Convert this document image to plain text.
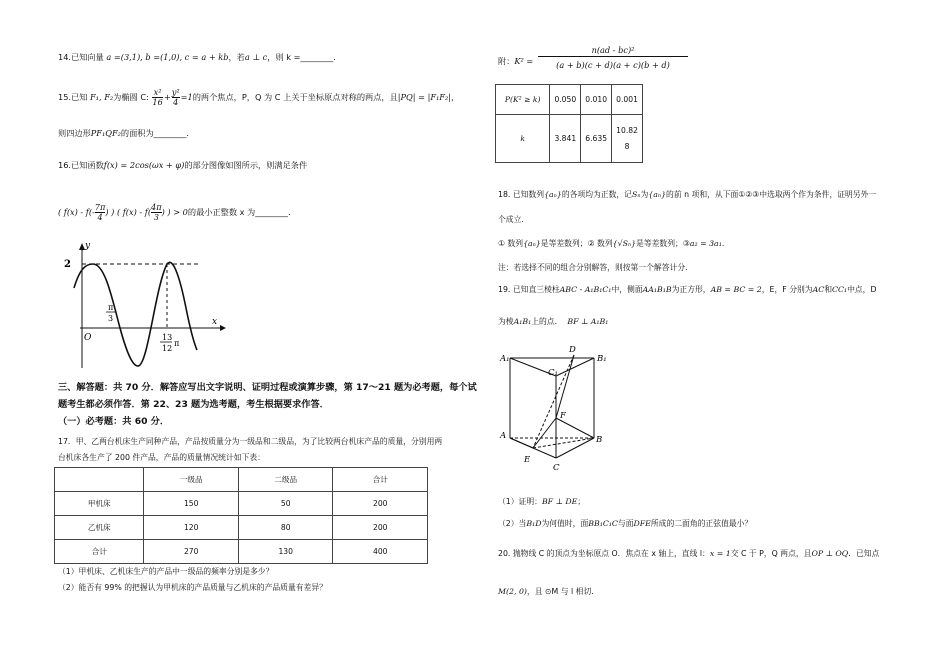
14.已知向量 a =(3,1), b =(1,0), c = a + kb，若a ⊥ c，则 k =________.
15.已知 F₁, F₂为椭圆 C: $\frac{\text{x²}}{16} + \frac{\text{y²}}{4} =1$的两个焦点，P，Q 为 C 上关于坐标原点对称的两点，且|PQ| = |F₁F₂|，
则四边形PF₁QF₂的面积为________.
16.已知函数f(x) = 2cos(ωx + φ)的部分图像如图所示，则满足条件
( $f(x) - f(- \frac{7\pi}{4}$ ) ) ( $f(x) - f( \frac{4\pi}{3}$ ) ) > 0的最小正整数 x 为________.
2
y
x
O
π
3
13
12
π
三、解答题：共 70 分．解答应写出文字说明、证明过程或演算步骤，第 17～21 题为必考题，每个试
题考生都必须作答．第 22、23 题为选考题，考生根据要求作答．
（一）必考题：共 60 分．
17．甲、乙两台机床生产同种产品，产品按质量分为一级品和二级品，为了比较两台机床产品的质量，分别用两
台机床各生产了 200 件产品，产品的质量情况统计如下表：
	一级品	二级品	合计
甲机床	150	50	200
乙机床	120	80	200
合计	270	130	400
（1）甲机床、乙机床生产的产品中一级品的频率分别是多少？
（2）能否有 99% 的把握认为甲机床的产品质量与乙机床的产品质量有差异？
附：K² =
n(ad - bc)²
(a + b)(c + d)(a + c)(b + d)
P(K² ≥ k)	0.050	0.010	0.001
k	3.841	6.635	10.82
8
18. 已知数列{aₙ}的各项均为正数，记Sₙ为{aₙ}的前 n 项和，从下面①②③中选取两个作为条件，证明另外一
个成立．
① 数列{aₙ}是等差数列；② 数列{√Sₙ}是等差数列；③a₂ = 3a₁．
注：若选择不同的组合分别解答，则按第一个解答计分．
19. 已知直三棱柱ABC - A₁B₁C₁中，侧面AA₁B₁B为正方形，AB = BC = 2，E，F 分别为AC和CC₁中点，D
为棱A₁B₁上的点． BF ⊥ A₁B₁
A₁
D
B₁
C₁
F
A	B
E
C
（1）证明：BF ⊥ DE；
（2）当B₁D为何值时，面BB₁C₁C与面DFE所成的二面角的正弦值最小？
20. 抛物线 C 的顶点为坐标原点 O．焦点在 x 轴上，直线 l：x = 1交 C 于 P，Q 两点，且OP ⊥ OQ．已知点
M(2, 0)，且 ⊙M 与 l 相切．
